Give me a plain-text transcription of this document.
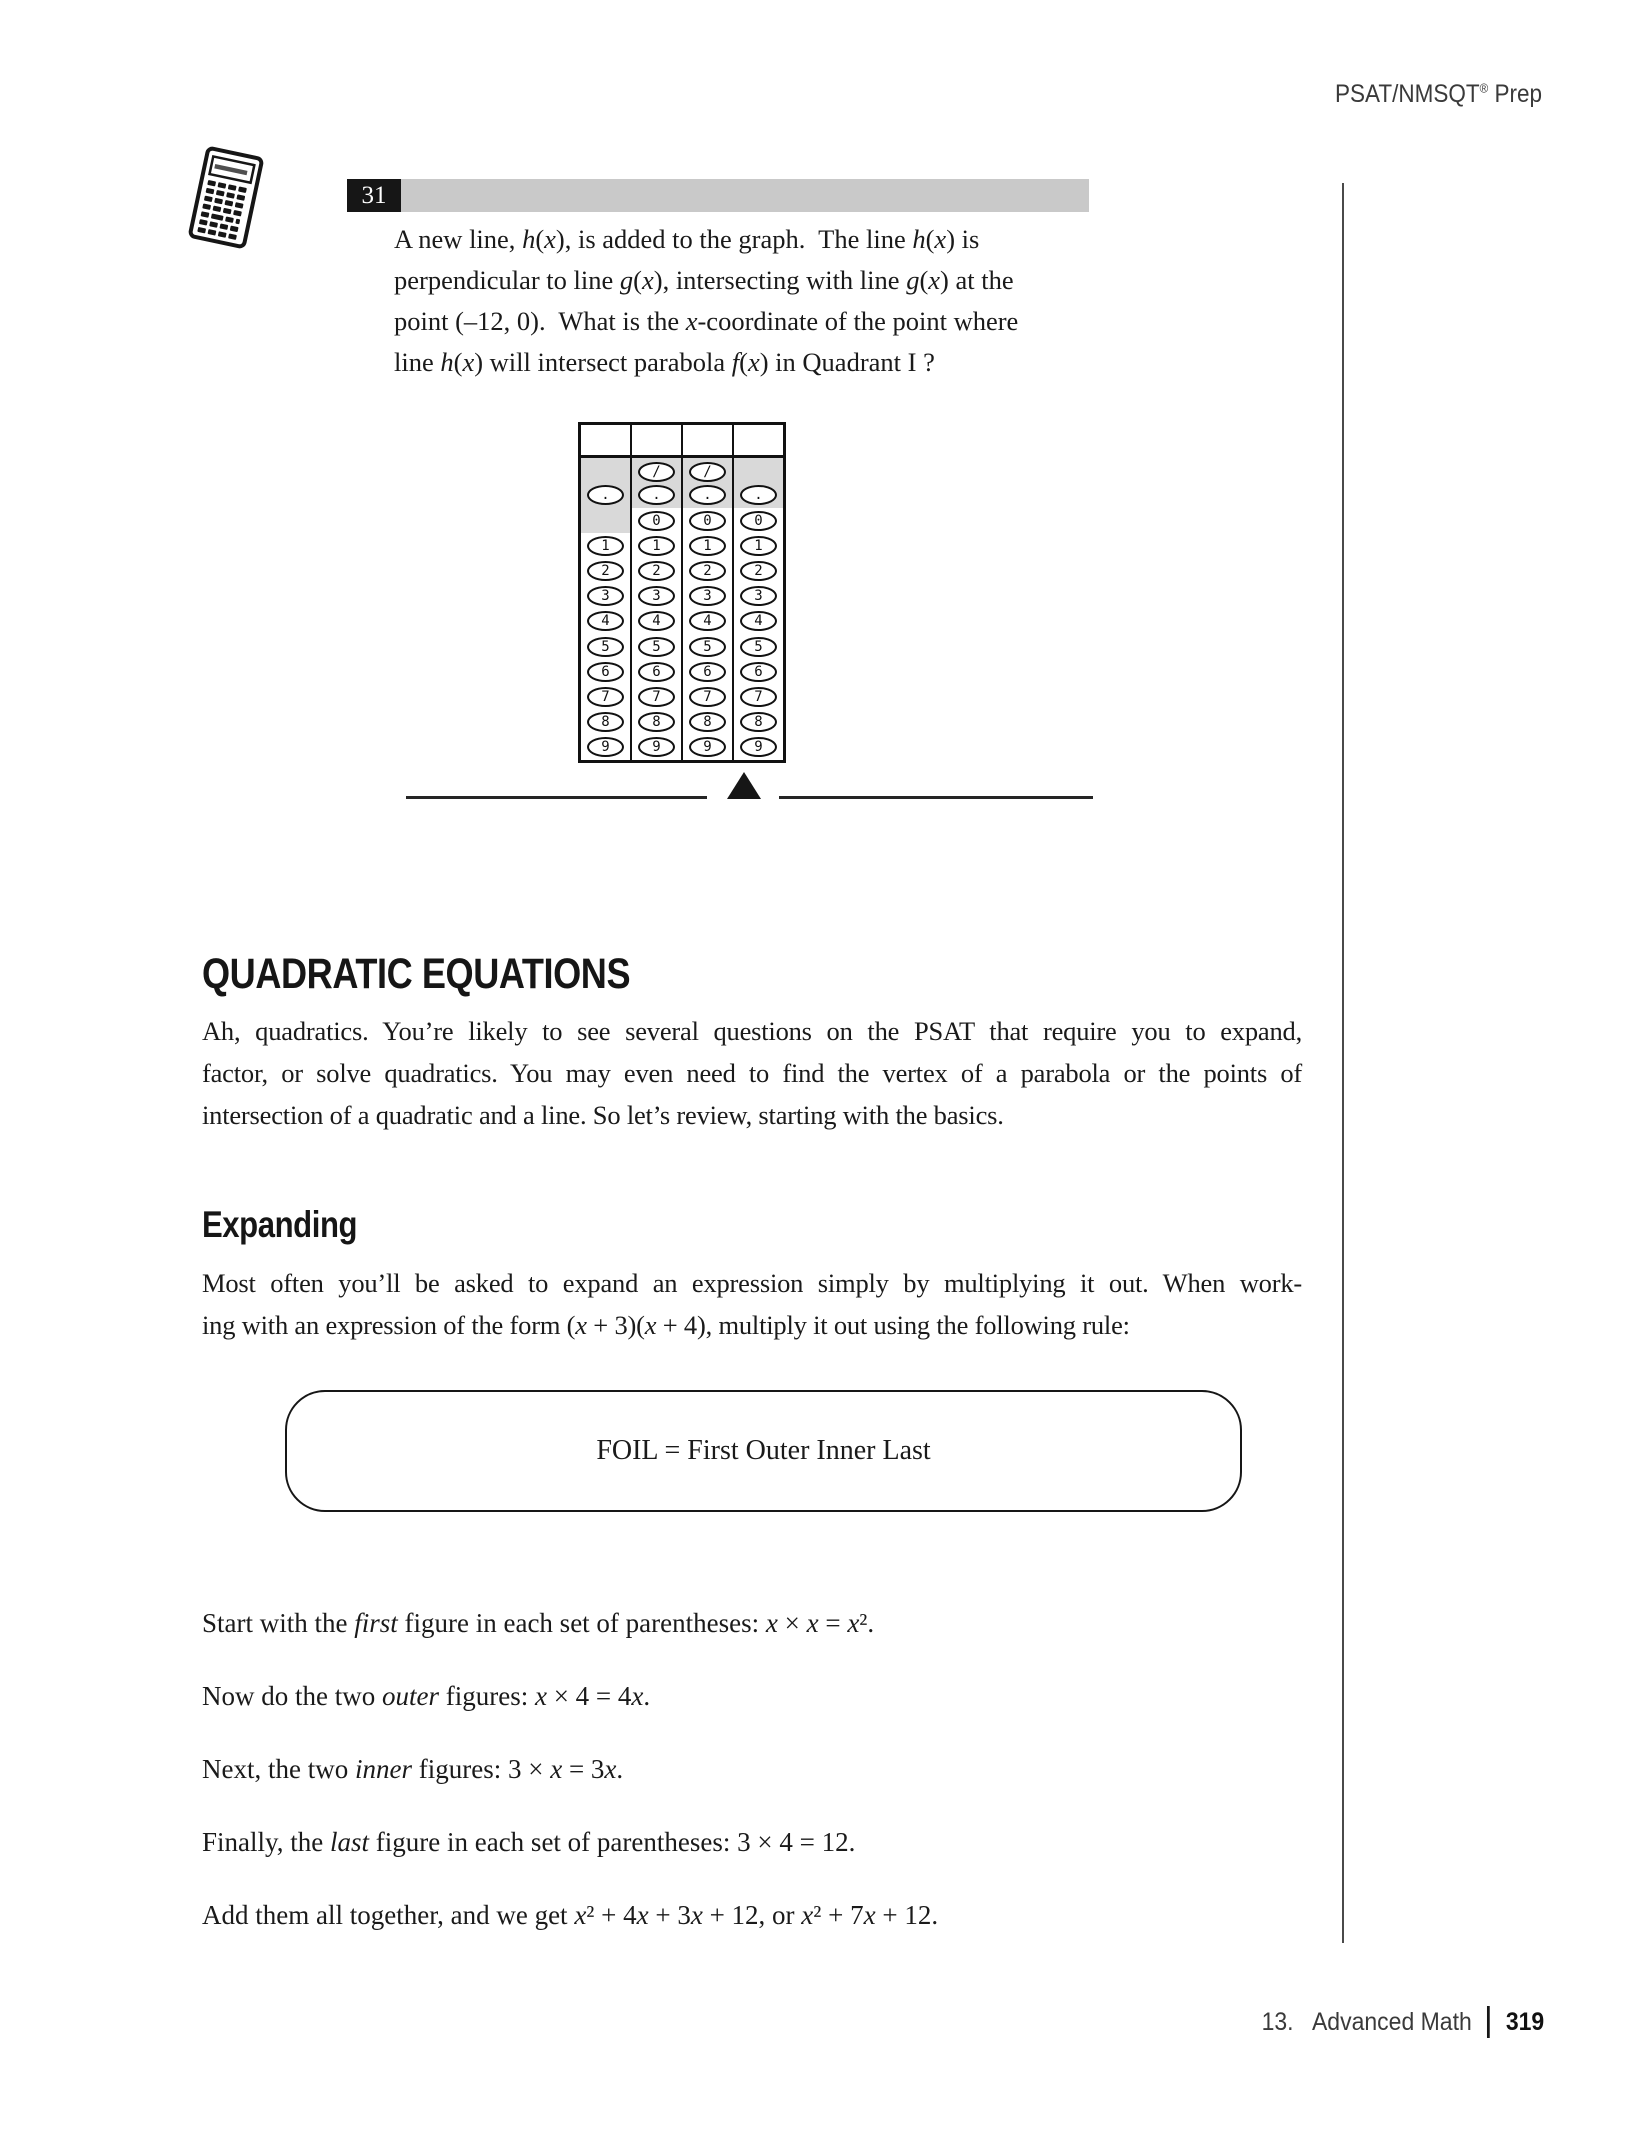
PSAT/NMSQT® Prep
31
A new line, h(x), is added to the graph.  The line h(x) is
perpendicular to line g(x), intersecting with line g(x) at the
point (–12, 0).  What is the x-coordinate of the point where
line h(x) will intersect parabola f(x) in Quadrant I ?
.
1
2
3
4
5
6
7
8
9
/
.
0
1
2
3
4
5
6
7
8
9
/
.
0
1
2
3
4
5
6
7
8
9
.
0
1
2
3
4
5
6
7
8
9
QUADRATIC EQUATIONS
Ah, quadratics. You’re likely to see several questions on the PSAT that require you to expand,
factor, or solve quadratics. You may even need to find the vertex of a parabola or the points of
intersection of a quadratic and a line. So let’s review, starting with the basics.
Expanding
Most often you’ll be asked to expand an expression simply by multiplying it out. When work-
ing with an expression of the form (x + 3)(x + 4), multiply it out using the following rule:
FOIL = First Outer Inner Last
Start with the first figure in each set of parentheses: x × x = x².
Now do the two outer figures: x × 4 = 4x.
Next, the two inner figures: 3 × x = 3x.
Finally, the last figure in each set of parentheses: 3 × 4 = 12.
Add them all together, and we get x² + 4x + 3x + 12, or x² + 7x + 12.
13. Advanced Math 319
